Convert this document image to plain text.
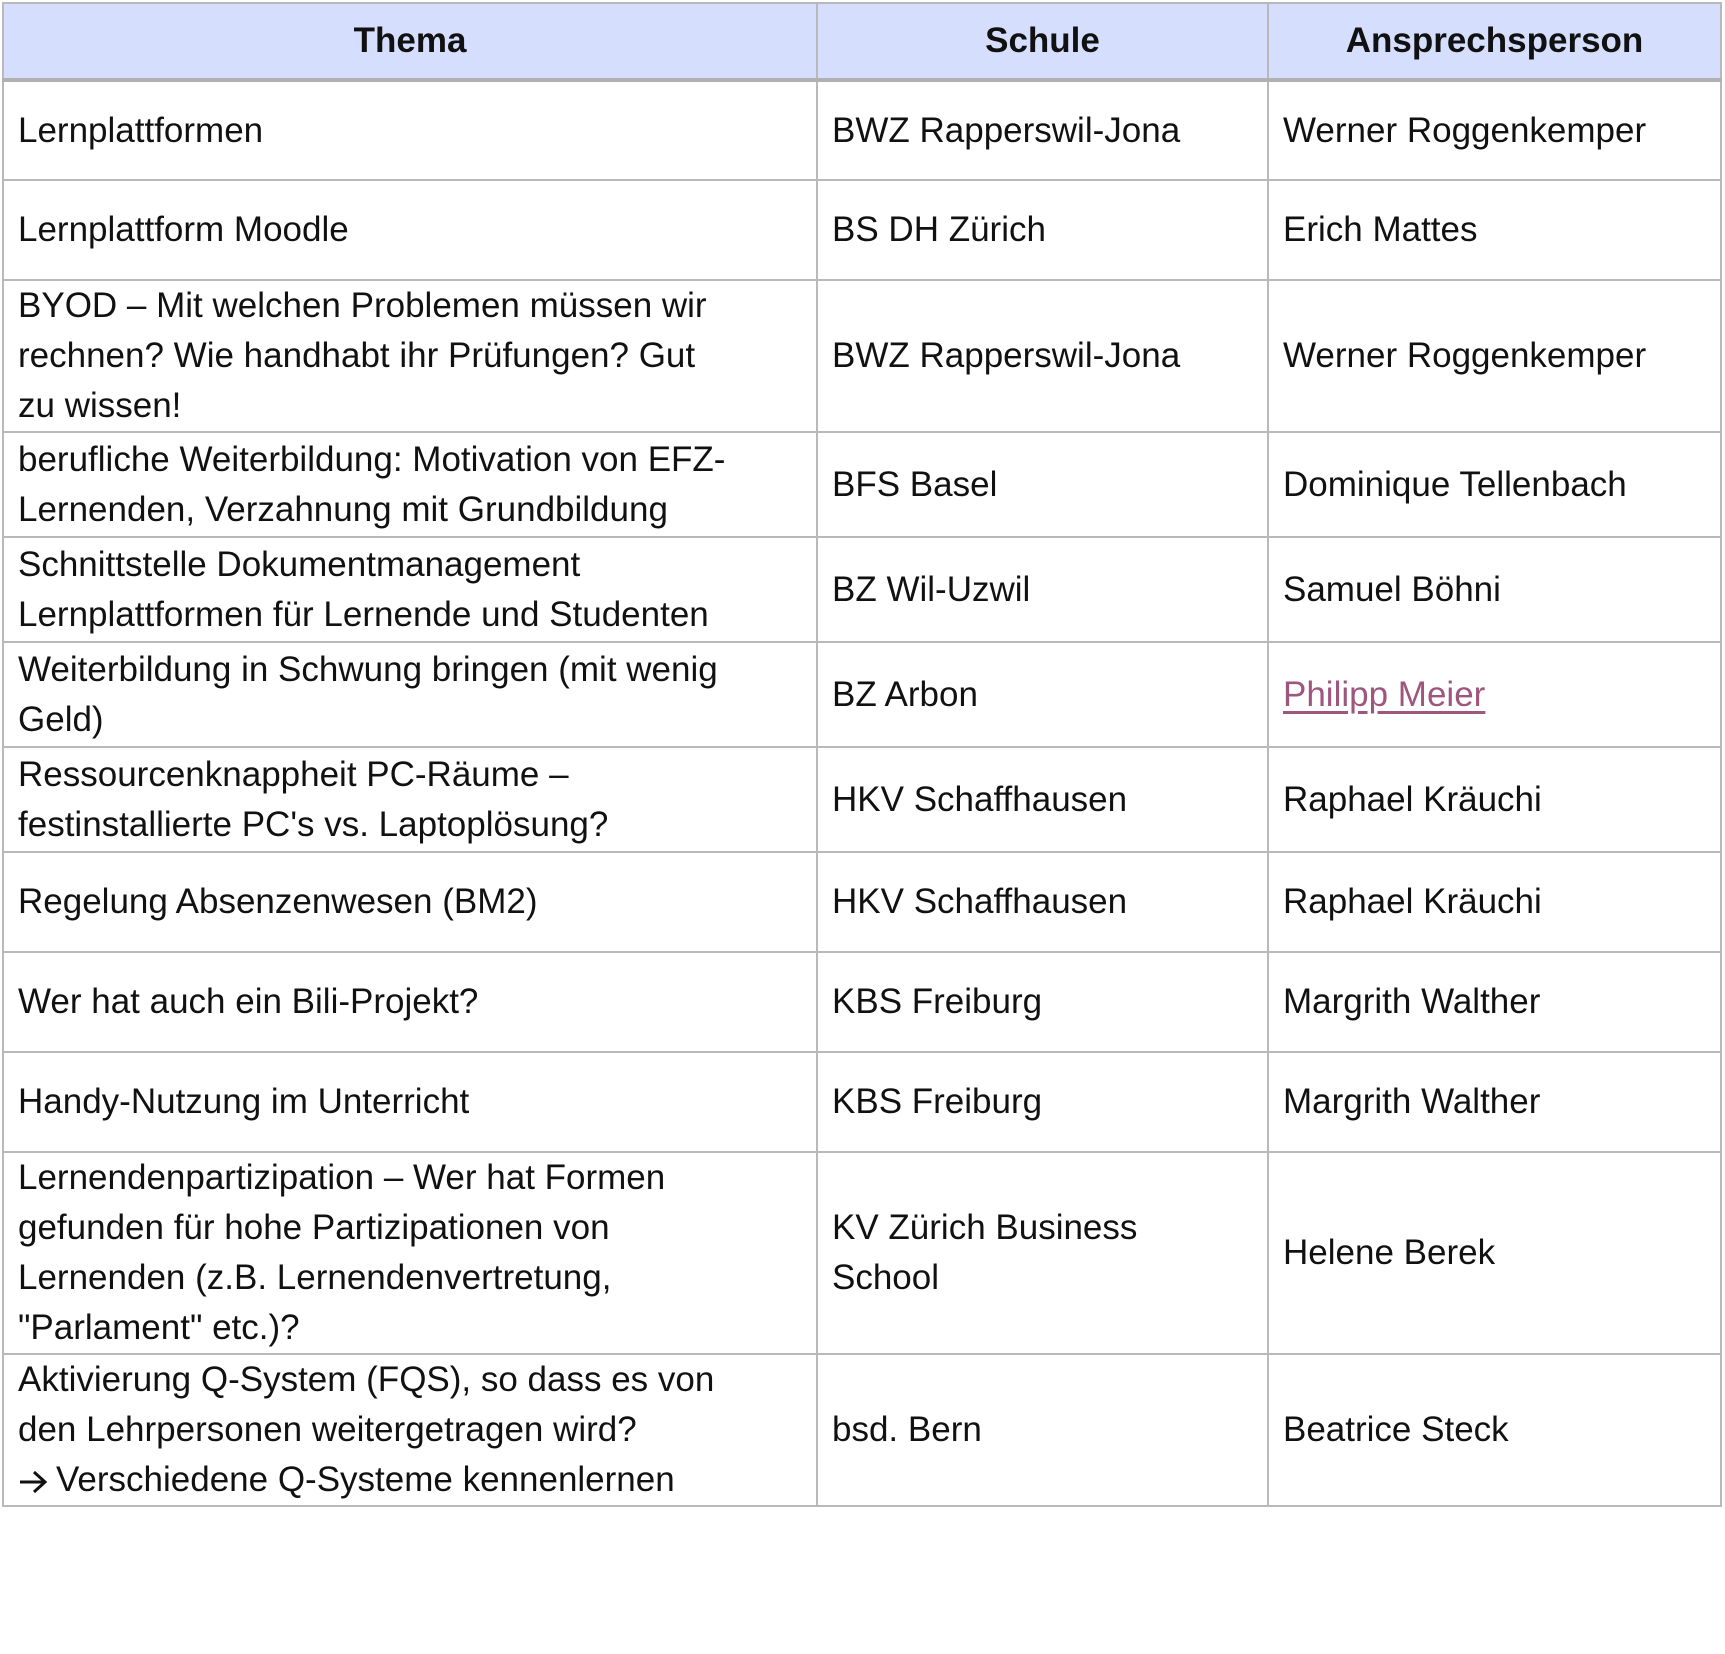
Thema	Schule	Ansprechsperson
Lernplattformen	BWZ Rapperswil-Jona	Werner Roggenkemper
Lernplattform Moodle	BS DH Zürich	Erich Mattes
BYOD – Mit welchen Problemen müssen wir
rechnen? Wie handhabt ihr Prüfungen? Gut
zu wissen!	BWZ Rapperswil-Jona	Werner Roggenkemper
berufliche Weiterbildung: Motivation von EFZ-
Lernenden, Verzahnung mit Grundbildung	BFS Basel	Dominique Tellenbach
Schnittstelle Dokumentmanagement
Lernplattformen für Lernende und Studenten	BZ Wil-Uzwil	Samuel Böhni
Weiterbildung in Schwung bringen (mit wenig
Geld)	BZ Arbon	Philipp Meier
Ressourcenknappheit PC-Räume –
festinstallierte PC's vs. Laptoplösung?	HKV Schaffhausen	Raphael Kräuchi
Regelung Absenzenwesen (BM2)	HKV Schaffhausen	Raphael Kräuchi
Wer hat auch ein Bili-Projekt?	KBS Freiburg	Margrith Walther
Handy-Nutzung im Unterricht	KBS Freiburg	Margrith Walther
Lernendenpartizipation – Wer hat Formen
gefunden für hohe Partizipationen von
Lernenden (z.B. Lernendenvertretung,
"Parlament" etc.)?	KV Zürich Business
School	Helene Berek
Aktivierung Q-System (FQS), so dass es von
den Lehrpersonen weitergetragen wird?
Verschiedene Q-Systeme kennenlernen	bsd. Bern	Beatrice Steck
